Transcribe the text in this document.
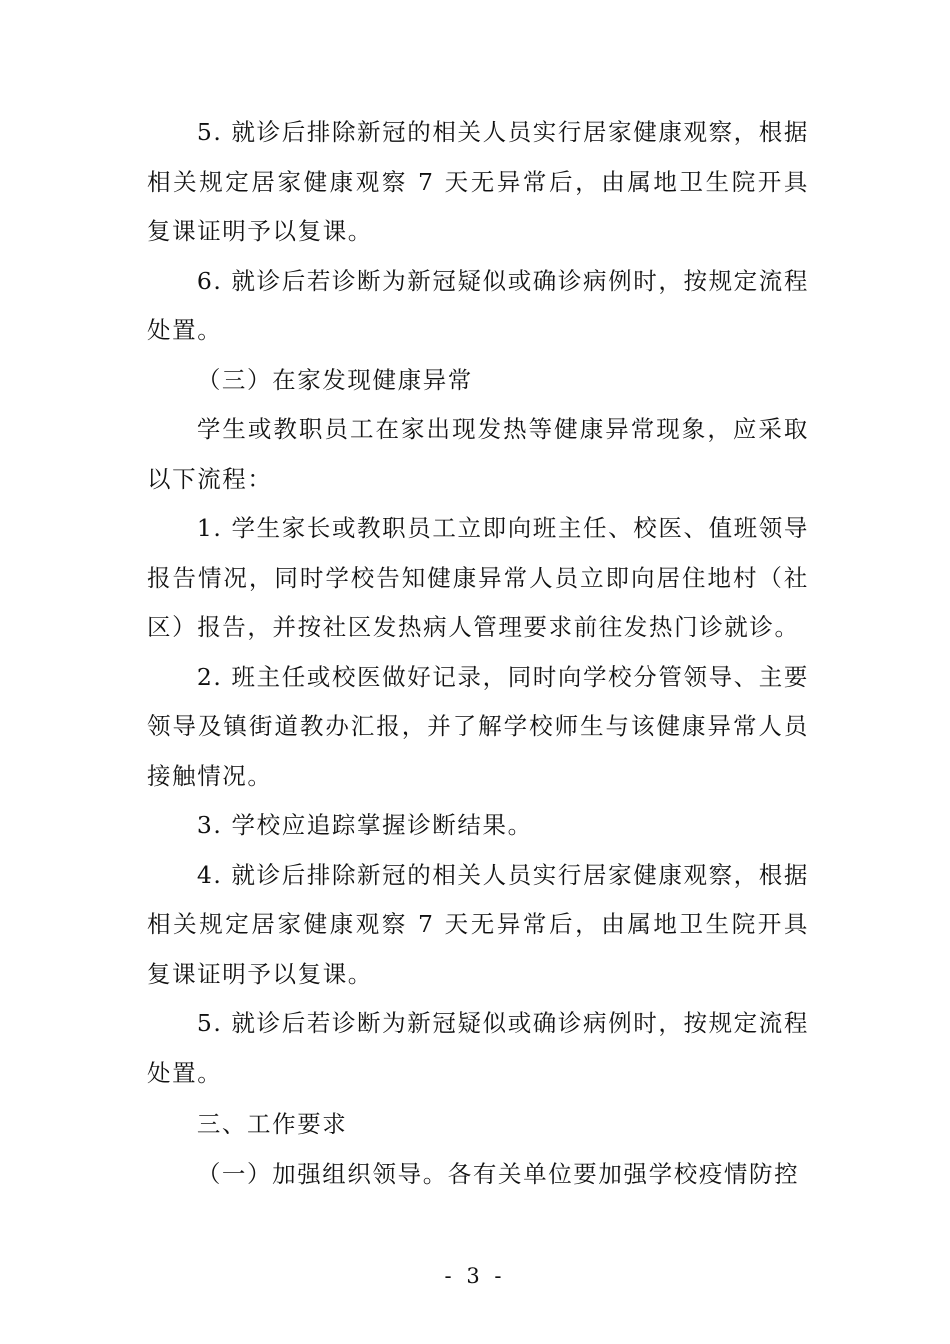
5. 就诊后排除新冠的相关人员实行居家健康观察，根据相关规定居家健康观察 7 天无异常后，由属地卫生院开具复课证明予以复课。

6. 就诊后若诊断为新冠疑似或确诊病例时，按规定流程处置。

（三）在家发现健康异常

学生或教职员工在家出现发热等健康异常现象，应采取以下流程：

1. 学生家长或教职员工立即向班主任、校医、值班领导报告情况，同时学校告知健康异常人员立即向居住地村（社区）报告，并按社区发热病人管理要求前往发热门诊就诊。

2. 班主任或校医做好记录，同时向学校分管领导、主要领导及镇街道教办汇报，并了解学校师生与该健康异常人员接触情况。

3. 学校应追踪掌握诊断结果。

4. 就诊后排除新冠的相关人员实行居家健康观察，根据相关规定居家健康观察 7 天无异常后，由属地卫生院开具复课证明予以复课。

5. 就诊后若诊断为新冠疑似或确诊病例时，按规定流程处置。

三、工作要求

（一）加强组织领导。各有关单位要加强学校疫情防控

- 3 -
